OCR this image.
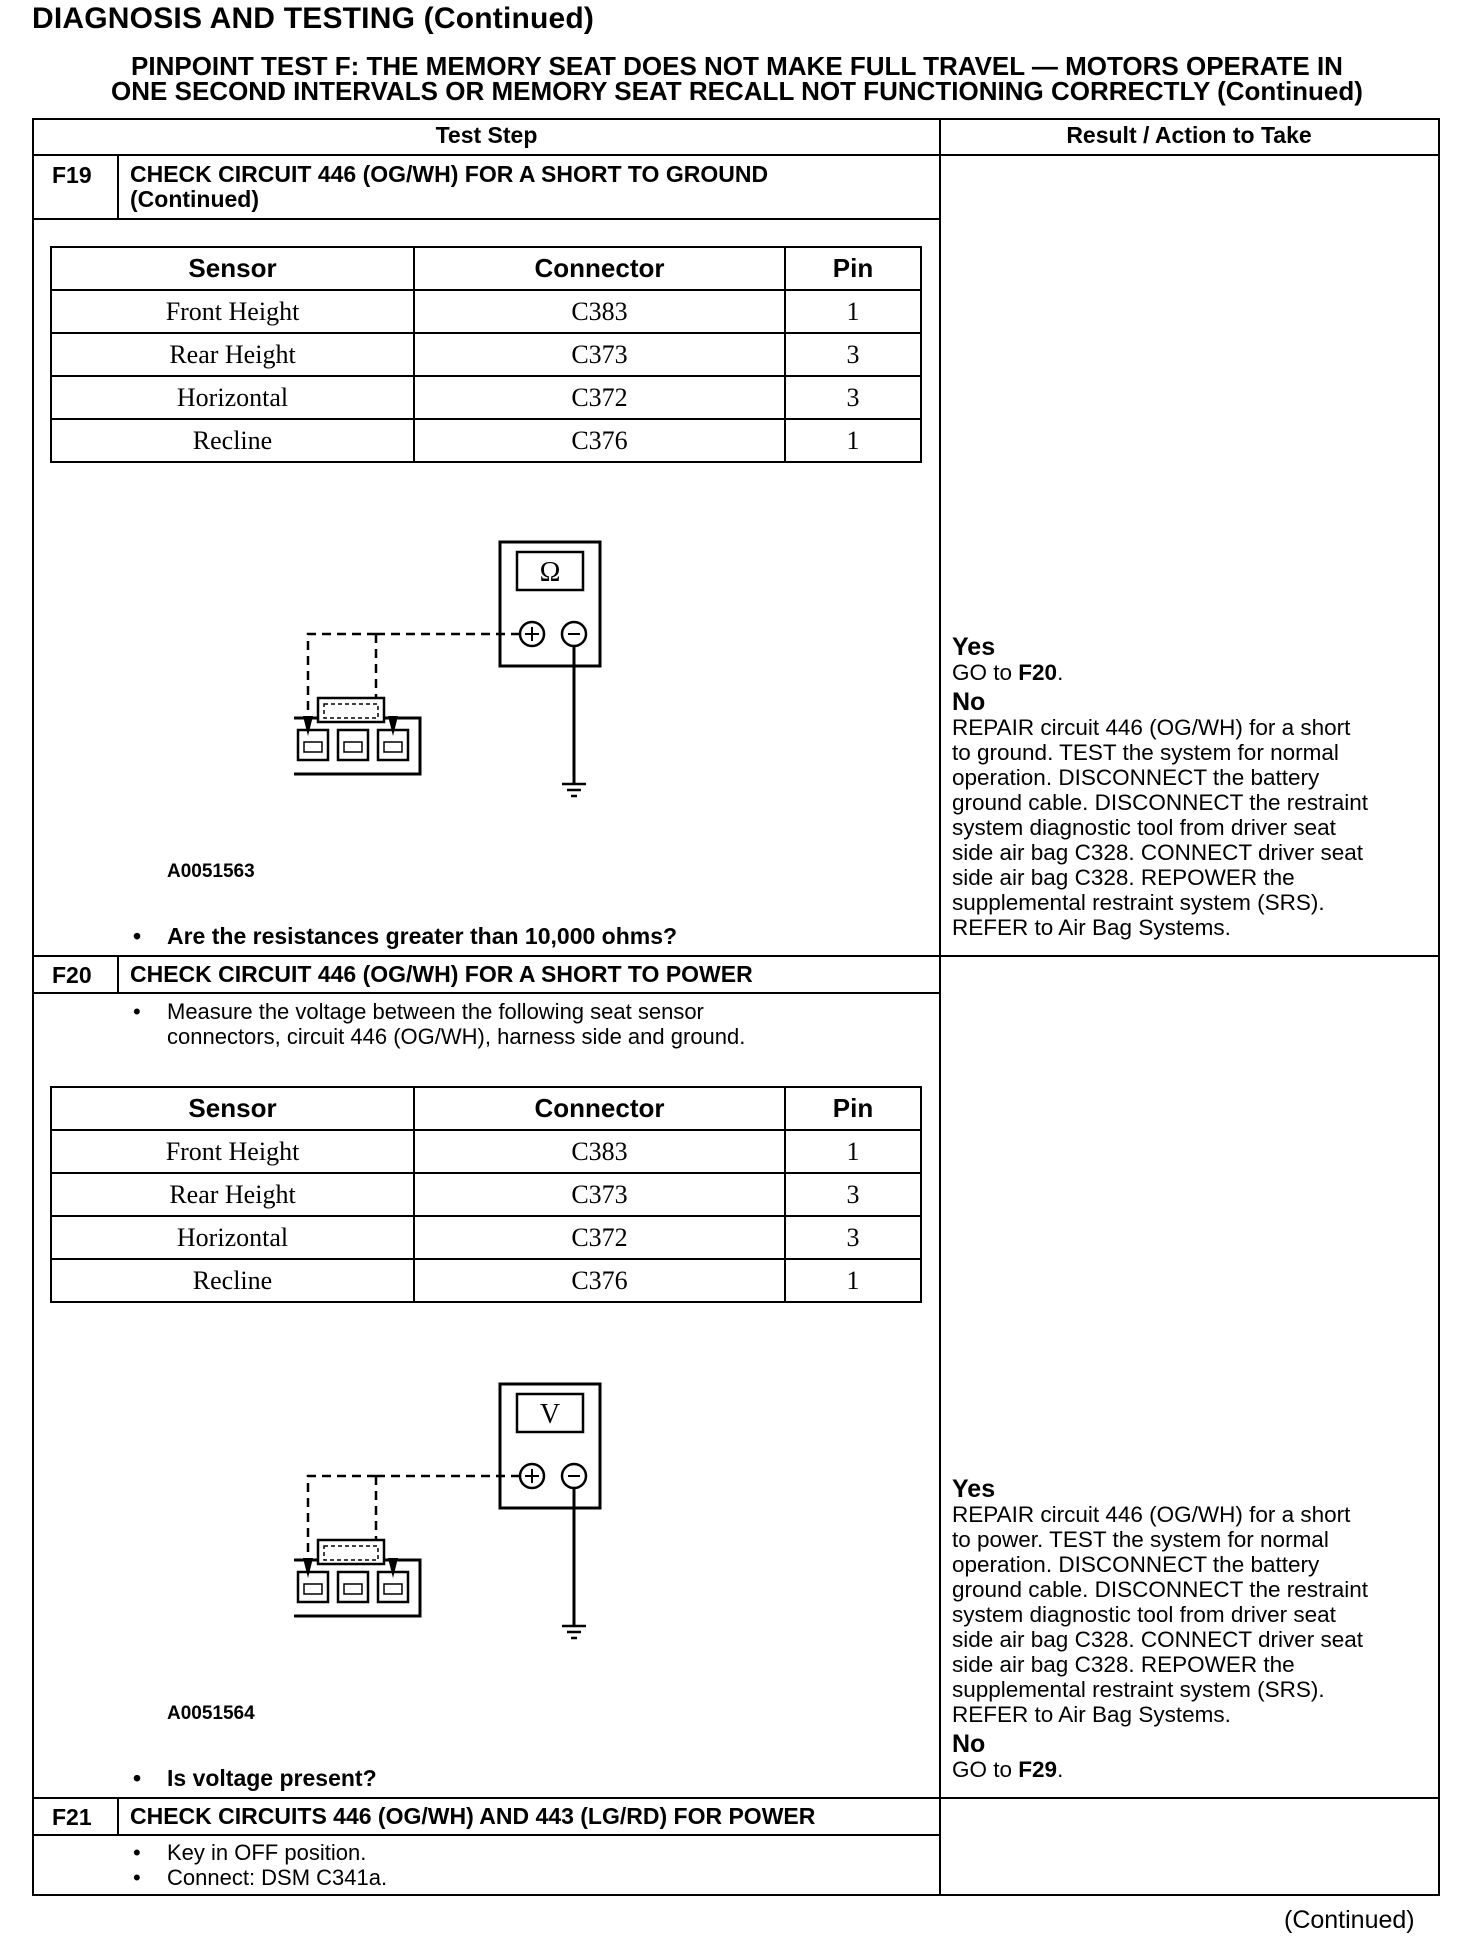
DIAGNOSIS AND TESTING (Continued)
PINPOINT TEST F: THE MEMORY SEAT DOES NOT MAKE FULL TRAVEL — MOTORS OPERATE IN
ONE SECOND INTERVALS OR MEMORY SEAT RECALL NOT FUNCTIONING CORRECTLY (Continued)
Test Step	Result / Action to Take
F19 CHECK CIRCUIT 446 (OG/WH) FOR A SHORT TO GROUND
(Continued)
Sensor	Connector	Pin
Front Height	C383	1
Rear Height	C373	3
Horizontal	C372	3
Recline	C376	1
Ω
A0051563
• Are the resistances greater than 10,000 ohms?

Yes

GO to F20.

No

REPAIR circuit 446 (OG/WH) for a short

to ground. TEST the system for normal

operation. DISCONNECT the battery

ground cable. DISCONNECT the restraint

system diagnostic tool from driver seat

side air bag C328. CONNECT driver seat

side air bag C328. REPOWER the

supplemental restraint system (SRS).

REFER to Air Bag Systems.

F20 CHECK CIRCUIT 446 (OG/WH) FOR A SHORT TO POWER
• Measure the voltage between the following seat sensor
connectors, circuit 446 (OG/WH), harness side and ground.
Sensor	Connector	Pin
Front Height	C383	1
Rear Height	C373	3
Horizontal	C372	3
Recline	C376	1
V
A0051564
• Is voltage present?

Yes

REPAIR circuit 446 (OG/WH) for a short

to power. TEST the system for normal

operation. DISCONNECT the battery

ground cable. DISCONNECT the restraint

system diagnostic tool from driver seat

side air bag C328. CONNECT driver seat

side air bag C328. REPOWER the

supplemental restraint system (SRS).

REFER to Air Bag Systems.

No

GO to F29.

F21 CHECK CIRCUITS 446 (OG/WH) AND 443 (LG/RD) FOR POWER
• Key in OFF position.
• Connect: DSM C341a.
(Continued)
